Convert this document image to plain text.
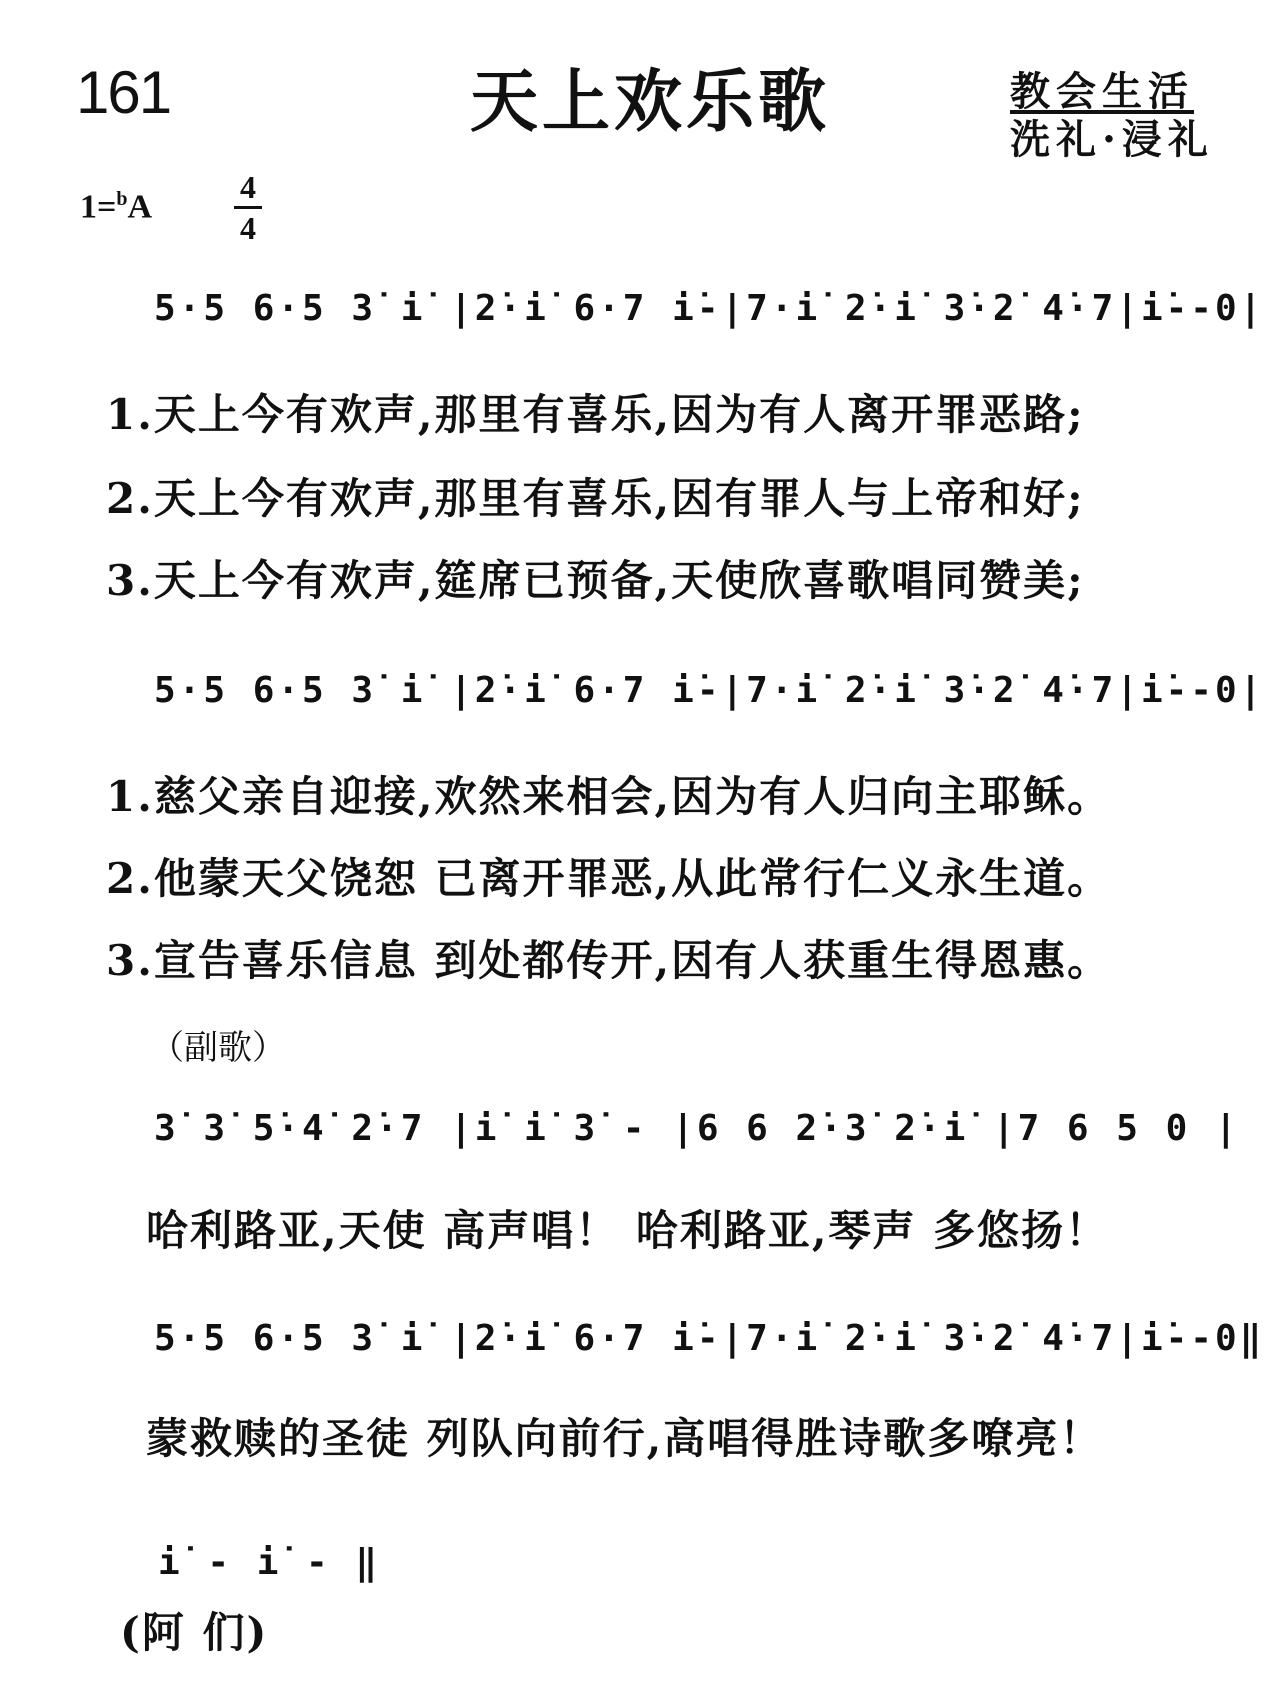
161	天上欢乐歌	教会生活
洗礼·浸礼
1=$^b$A
4
4
5·5 6·5 3̇ i̇ |2̇·i̇ 6·7 i̇-|7·i̇ 2̇·i̇ 3̇·2̇ 4̇·7|i̇--0|
1.天上今有欢声,那里有喜乐,因为有人离开罪恶路;
2.天上今有欢声,那里有喜乐,因有罪人与上帝和好;
3.天上今有欢声,筵席已预备,天使欣喜歌唱同赞美;
5·5 6·5 3̇ i̇ |2̇·i̇ 6·7 i̇-|7·i̇ 2̇·i̇ 3̇·2̇ 4̇·7|i̇--0|
1.慈父亲自迎接,欢然来相会,因为有人归向主耶稣。
2.他蒙天父饶恕 已离开罪恶,从此常行仁义永生道。
3.宣告喜乐信息 到处都传开,因有人获重生得恩惠。
（副歌）
3̇ 3̇ 5̇·4̇ 2̇·7 |i̇ i̇ 3̇ - |6 6 2̇·3̇ 2̇·i̇ |7 6 5 0 |
哈利路亚,天使 高声唱！ 哈利路亚,琴声 多悠扬！
5·5 6·5 3̇ i̇ |2̇·i̇ 6·7 i̇-|7·i̇ 2̇·i̇ 3̇·2̇ 4̇·7|i̇--0‖
蒙救赎的圣徒 列队向前行,高唱得胜诗歌多嘹亮！
i̇ - i̇ - ‖
(阿 们)
